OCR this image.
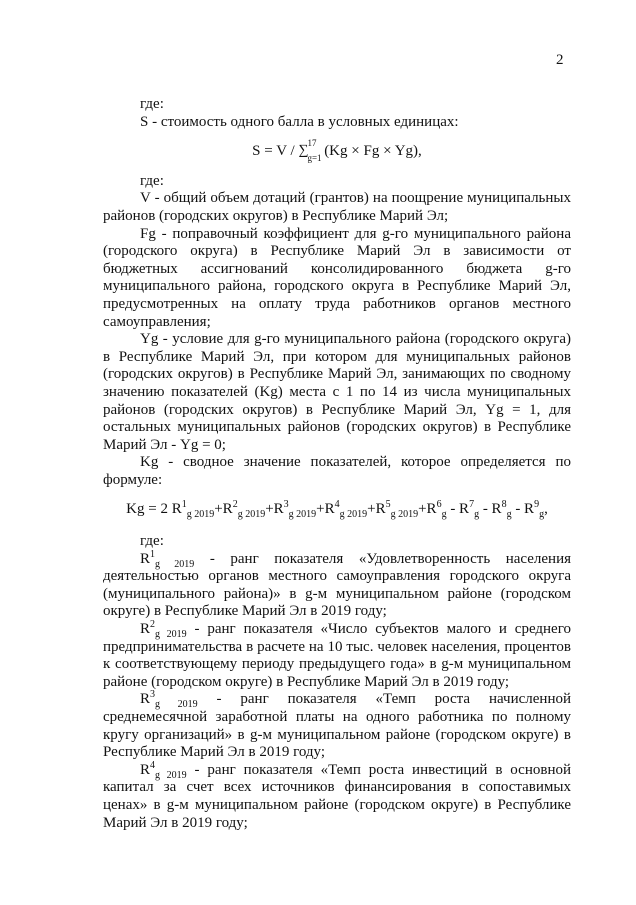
2

где:

S - стоимость одного балла в условных единицах:

S = V / ∑ 17
g=1
(Kg × Fg × Yg),

где:

V - общий объем дотаций (грантов) на поощрение муниципальных районов (городских округов) в Республике Марий Эл;

Fg - поправочный коэффициент для g-го муниципального района (городского округа) в Республике Марий Эл в зависимости от бюджетных ассигнований консолидированного бюджета g-го муниципального района, городского округа в Республике Марий Эл, предусмотренных на оплату труда работников органов местного самоуправления;

Yg - условие для g-го муниципального района (городского округа) в Республике Марий Эл, при котором для муниципальных районов (городских округов) в Республике Марий Эл, занимающих по сводному значению показателей (Kg) места с 1 по 14 из числа муниципальных районов (городских округов) в Республике Марий Эл, Yg = 1, для остальных муниципальных районов (городских округов) в Республике Марий Эл - Yg = 0;

Kg - сводное значение показателей, которое определяется по формуле:

Kg = 2 $R^1_{g 2019}+R^2_{g 2019}+R^3_{g 2019}+R^4_{g 2019}+R^5_{g 2019}+R^6_g - R^7_g - R^8_g - R^9_g$,

где:

$R^1_{g 2019}$ - ранг показателя «Удовлетворенность населения деятельностью органов местного самоуправления городского округа (муниципального района)» в g-м муниципальном районе (городском округе) в Республике Марий Эл в 2019 году;

$R^2_{g 2019}$ - ранг показателя «Число субъектов малого и среднего предпринимательства в расчете на 10 тыс. человек населения, процентов к соответствующему периоду предыдущего года» в g-м муниципальном районе (городском округе) в Республике Марий Эл в 2019 году;

$R^3_{g 2019}$ - ранг показателя «Темп роста начисленной среднемесячной заработной платы на одного работника по полному кругу организаций» в g-м муниципальном районе (городском округе) в Республике Марий Эл в 2019 году;

$R^4_{g 2019}$ - ранг показателя «Темп роста инвестиций в основной капитал за счет всех источников финансирования в сопоставимых ценах» в g-м муниципальном районе (городском округе) в Республике Марий Эл в 2019 году;
